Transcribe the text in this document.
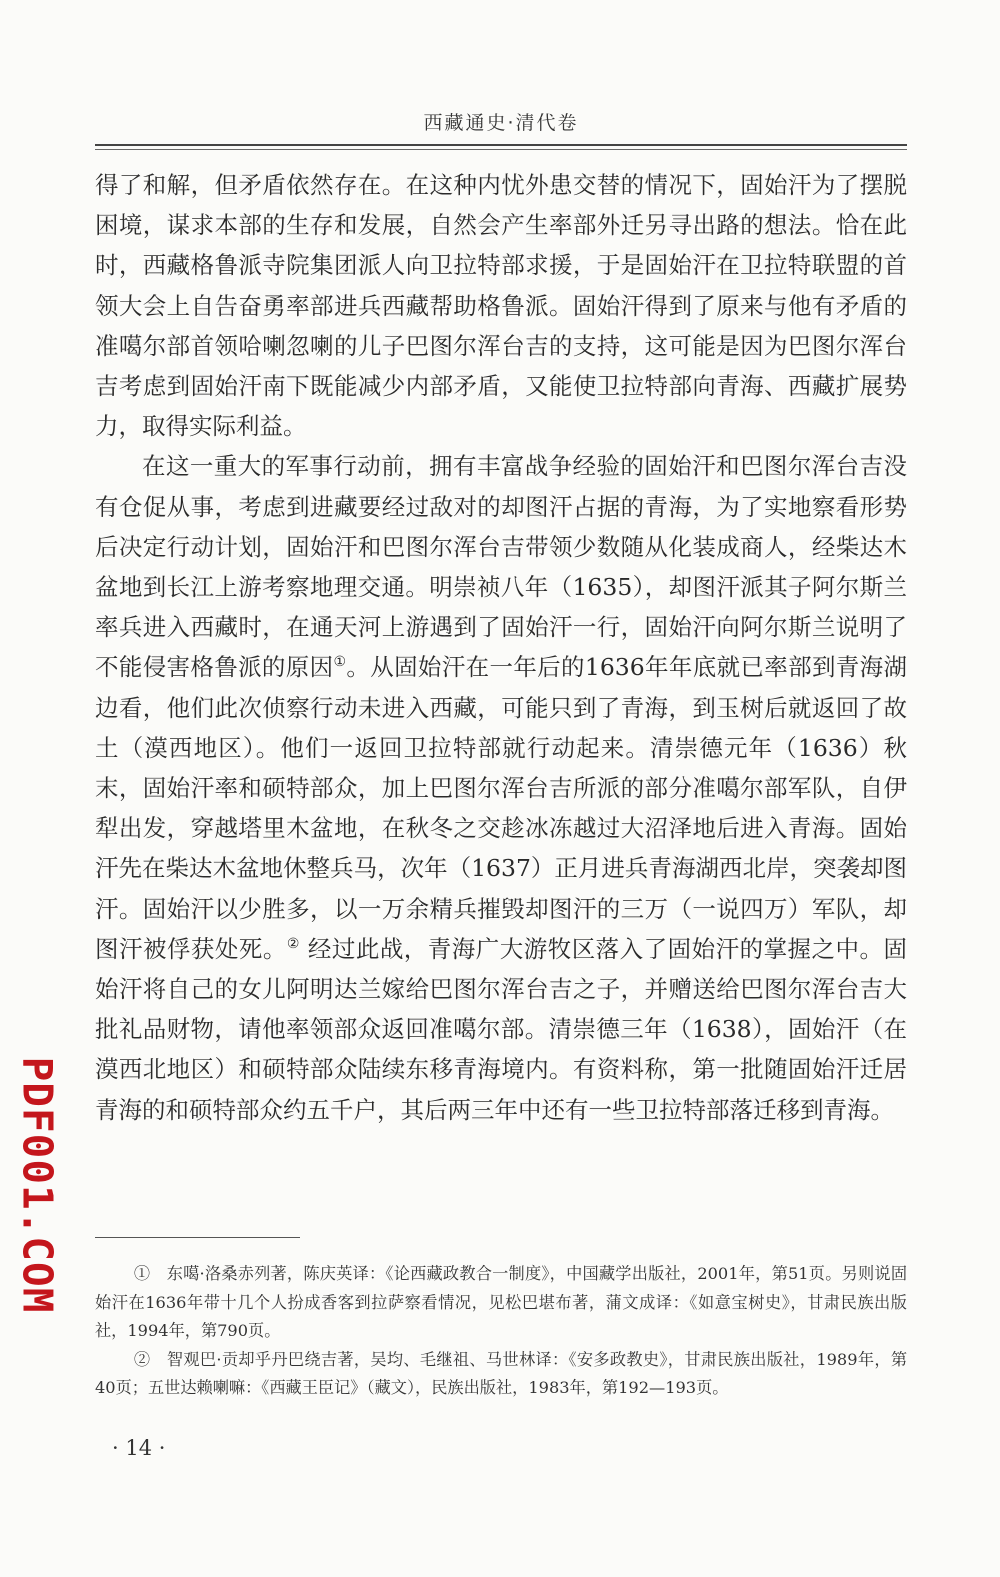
西藏通史·清代卷

得了和解，但矛盾依然存在。在这种内忧外患交替的情况下，固始汗为了摆脱困境，谋求本部的生存和发展，自然会产生率部外迁另寻出路的想法。恰在此时，西藏格鲁派寺院集团派人向卫拉特部求援，于是固始汗在卫拉特联盟的首领大会上自告奋勇率部进兵西藏帮助格鲁派。固始汗得到了原来与他有矛盾的准噶尔部首领哈喇忽喇的儿子巴图尔浑台吉的支持，这可能是因为巴图尔浑台吉考虑到固始汗南下既能减少内部矛盾，又能使卫拉特部向青海、西藏扩展势力，取得实际利益。

在这一重大的军事行动前，拥有丰富战争经验的固始汗和巴图尔浑台吉没有仓促从事，考虑到进藏要经过敌对的却图汗占据的青海，为了实地察看形势后决定行动计划，固始汗和巴图尔浑台吉带领少数随从化装成商人，经柴达木盆地到长江上游考察地理交通。明崇祯八年（1635），却图汗派其子阿尔斯兰率兵进入西藏时，在通天河上游遇到了固始汗一行，固始汗向阿尔斯兰说明了不能侵害格鲁派的原因①。从固始汗在一年后的1636年年底就已率部到青海湖边看，他们此次侦察行动未进入西藏，可能只到了青海，到玉树后就返回了故土（漠西地区）。他们一返回卫拉特部就行动起来。清崇德元年（1636）秋末，固始汗率和硕特部众，加上巴图尔浑台吉所派的部分准噶尔部军队，自伊犁出发，穿越塔里木盆地，在秋冬之交趁冰冻越过大沼泽地后进入青海。固始汗先在柴达木盆地休整兵马，次年（1637）正月进兵青海湖西北岸，突袭却图汗。固始汗以少胜多，以一万余精兵摧毁却图汗的三万（一说四万）军队，却图汗被俘获处死。② 经过此战，青海广大游牧区落入了固始汗的掌握之中。固始汗将自己的女儿阿明达兰嫁给巴图尔浑台吉之子，并赠送给巴图尔浑台吉大批礼品财物，请他率领部众返回准噶尔部。清崇德三年（1638），固始汗（在漠西北地区）和硕特部众陆续东移青海境内。有资料称，第一批随固始汗迁居青海的和硕特部众约五千户，其后两三年中还有一些卫拉特部落迁移到青海。

①　 东噶·洛桑赤列著，陈庆英译：《论西藏政教合一制度》，中国藏学出版社，2001年，第51页。另则说固始汗在1636年带十几个人扮成香客到拉萨察看情况，见松巴堪布著，蒲文成译：《如意宝树史》，甘肃民族出版社，1994年，第790页。

②　 智观巴·贡却乎丹巴绕吉著，吴均、毛继祖、马世林译：《安多政教史》，甘肃民族出版社，1989年，第40页；五世达赖喇嘛：《西藏王臣记》（藏文），民族出版社，1983年，第192—193页。

· 14 ·
PDF001.COM
